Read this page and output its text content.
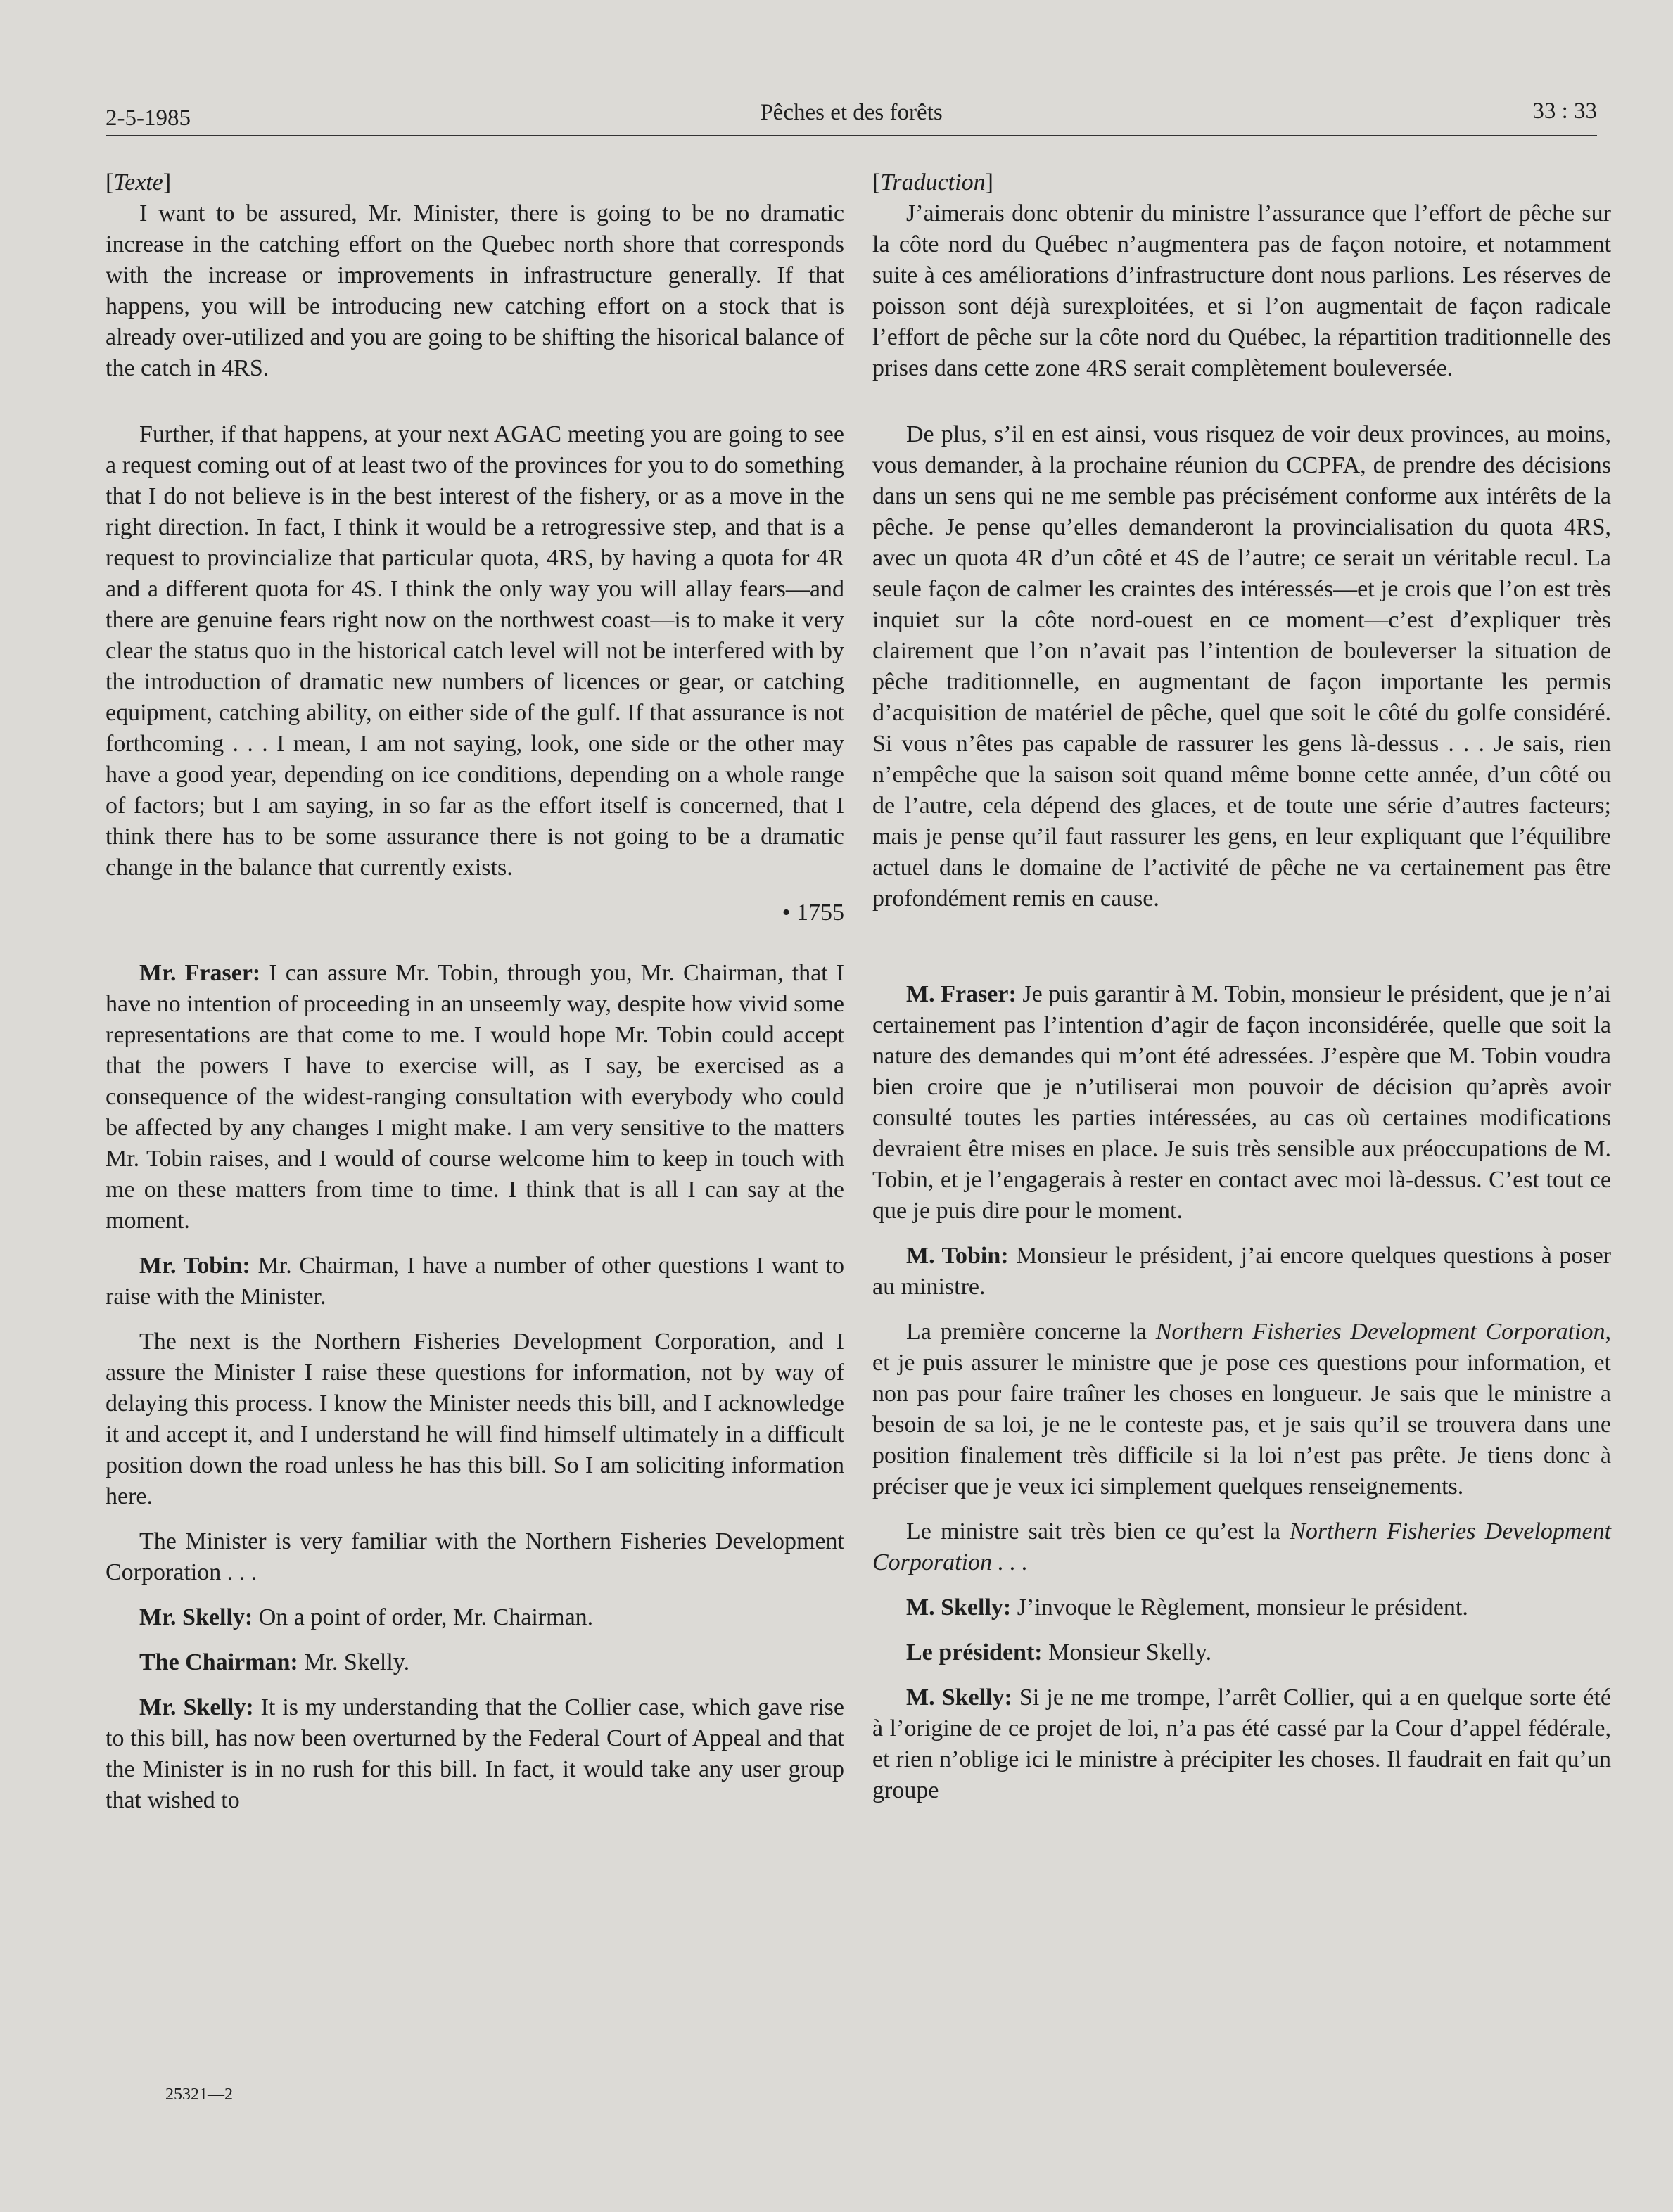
2-5-1985	Pêches et des forêts	33 : 33

[Texte]

I want to be assured, Mr. Minister, there is going to be no dramatic increase in the catching effort on the Quebec north shore that corresponds with the increase or improvements in infrastructure generally. If that happens, you will be introducing new catching effort on a stock that is already over-utilized and you are going to be shifting the hisorical balance of the catch in 4RS.

Further, if that happens, at your next AGAC meeting you are going to see a request coming out of at least two of the provinces for you to do something that I do not believe is in the best interest of the fishery, or as a move in the right direction. In fact, I think it would be a retrogressive step, and that is a request to provincialize that particular quota, 4RS, by having a quota for 4R and a different quota for 4S. I think the only way you will allay fears—and there are genuine fears right now on the northwest coast—is to make it very clear the status quo in the historical catch level will not be interfered with by the introduction of dramatic new numbers of licences or gear, or catching equipment, catching ability, on either side of the gulf. If that assurance is not forthcoming . . . I mean, I am not saying, look, one side or the other may have a good year, depending on ice conditions, depending on a whole range of factors; but I am saying, in so far as the effort itself is concerned, that I think there has to be some assurance there is not going to be a dramatic change in the balance that currently exists.

• 1755

Mr. Fraser: I can assure Mr. Tobin, through you, Mr. Chairman, that I have no intention of proceeding in an unseemly way, despite how vivid some representations are that come to me. I would hope Mr. Tobin could accept that the powers I have to exercise will, as I say, be exercised as a consequence of the widest-ranging consultation with everybody who could be affected by any changes I might make. I am very sensitive to the matters Mr. Tobin raises, and I would of course welcome him to keep in touch with me on these matters from time to time. I think that is all I can say at the moment.

Mr. Tobin: Mr. Chairman, I have a number of other questions I want to raise with the Minister.

The next is the Northern Fisheries Development Corporation, and I assure the Minister I raise these questions for information, not by way of delaying this process. I know the Minister needs this bill, and I acknowledge it and accept it, and I understand he will find himself ultimately in a difficult position down the road unless he has this bill. So I am soliciting information here.

The Minister is very familiar with the Northern Fisheries Development Corporation . . .

Mr. Skelly: On a point of order, Mr. Chairman.

The Chairman: Mr. Skelly.

Mr. Skelly: It is my understanding that the Collier case, which gave rise to this bill, has now been overturned by the Federal Court of Appeal and that the Minister is in no rush for this bill. In fact, it would take any user group that wished to

[Traduction]

J’aimerais donc obtenir du ministre l’assurance que l’effort de pêche sur la côte nord du Québec n’augmentera pas de façon notoire, et notamment suite à ces améliorations d’infrastructure dont nous parlions. Les réserves de poisson sont déjà surexploitées, et si l’on augmentait de façon radicale l’effort de pêche sur la côte nord du Québec, la répartition traditionnelle des prises dans cette zone 4RS serait complètement bouleversée.

De plus, s’il en est ainsi, vous risquez de voir deux provinces, au moins, vous demander, à la prochaine réunion du CCPFA, de prendre des décisions dans un sens qui ne me semble pas précisément conforme aux intérêts de la pêche. Je pense qu’elles demanderont la provincialisation du quota 4RS, avec un quota 4R d’un côté et 4S de l’autre; ce serait un véritable recul. La seule façon de calmer les craintes des intéressés—et je crois que l’on est très inquiet sur la côte nord-ouest en ce moment—c’est d’expliquer très clairement que l’on n’avait pas l’intention de bouleverser la situation de pêche traditionnelle, en augmentant de façon importante les permis d’acquisition de matériel de pêche, quel que soit le côté du golfe considéré. Si vous n’êtes pas capable de rassurer les gens là-dessus . . . Je sais, rien n’empêche que la saison soit quand même bonne cette année, d’un côté ou de l’autre, cela dépend des glaces, et de toute une série d’autres facteurs; mais je pense qu’il faut rassurer les gens, en leur expliquant que l’équilibre actuel dans le domaine de l’activité de pêche ne va certainement pas être profondément remis en cause.

M. Fraser: Je puis garantir à M. Tobin, monsieur le président, que je n’ai certainement pas l’intention d’agir de façon inconsidérée, quelle que soit la nature des demandes qui m’ont été adressées. J’espère que M. Tobin voudra bien croire que je n’utiliserai mon pouvoir de décision qu’après avoir consulté toutes les parties intéressées, au cas où certaines modifications devraient être mises en place. Je suis très sensible aux préoccupations de M. Tobin, et je l’engagerais à rester en contact avec moi là-dessus. C’est tout ce que je puis dire pour le moment.

M. Tobin: Monsieur le président, j’ai encore quelques questions à poser au ministre.

La première concerne la Northern Fisheries Development Corporation, et je puis assurer le ministre que je pose ces questions pour information, et non pas pour faire traîner les choses en longueur. Je sais que le ministre a besoin de sa loi, je ne le conteste pas, et je sais qu’il se trouvera dans une position finalement très difficile si la loi n’est pas prête. Je tiens donc à préciser que je veux ici simplement quelques renseignements.

Le ministre sait très bien ce qu’est la Northern Fisheries Development Corporation . . .

M. Skelly: J’invoque le Règlement, monsieur le président.

Le président: Monsieur Skelly.

M. Skelly: Si je ne me trompe, l’arrêt Collier, qui a en quelque sorte été à l’origine de ce projet de loi, n’a pas été cassé par la Cour d’appel fédérale, et rien n’oblige ici le ministre à précipiter les choses. Il faudrait en fait qu’un groupe

25321—2
